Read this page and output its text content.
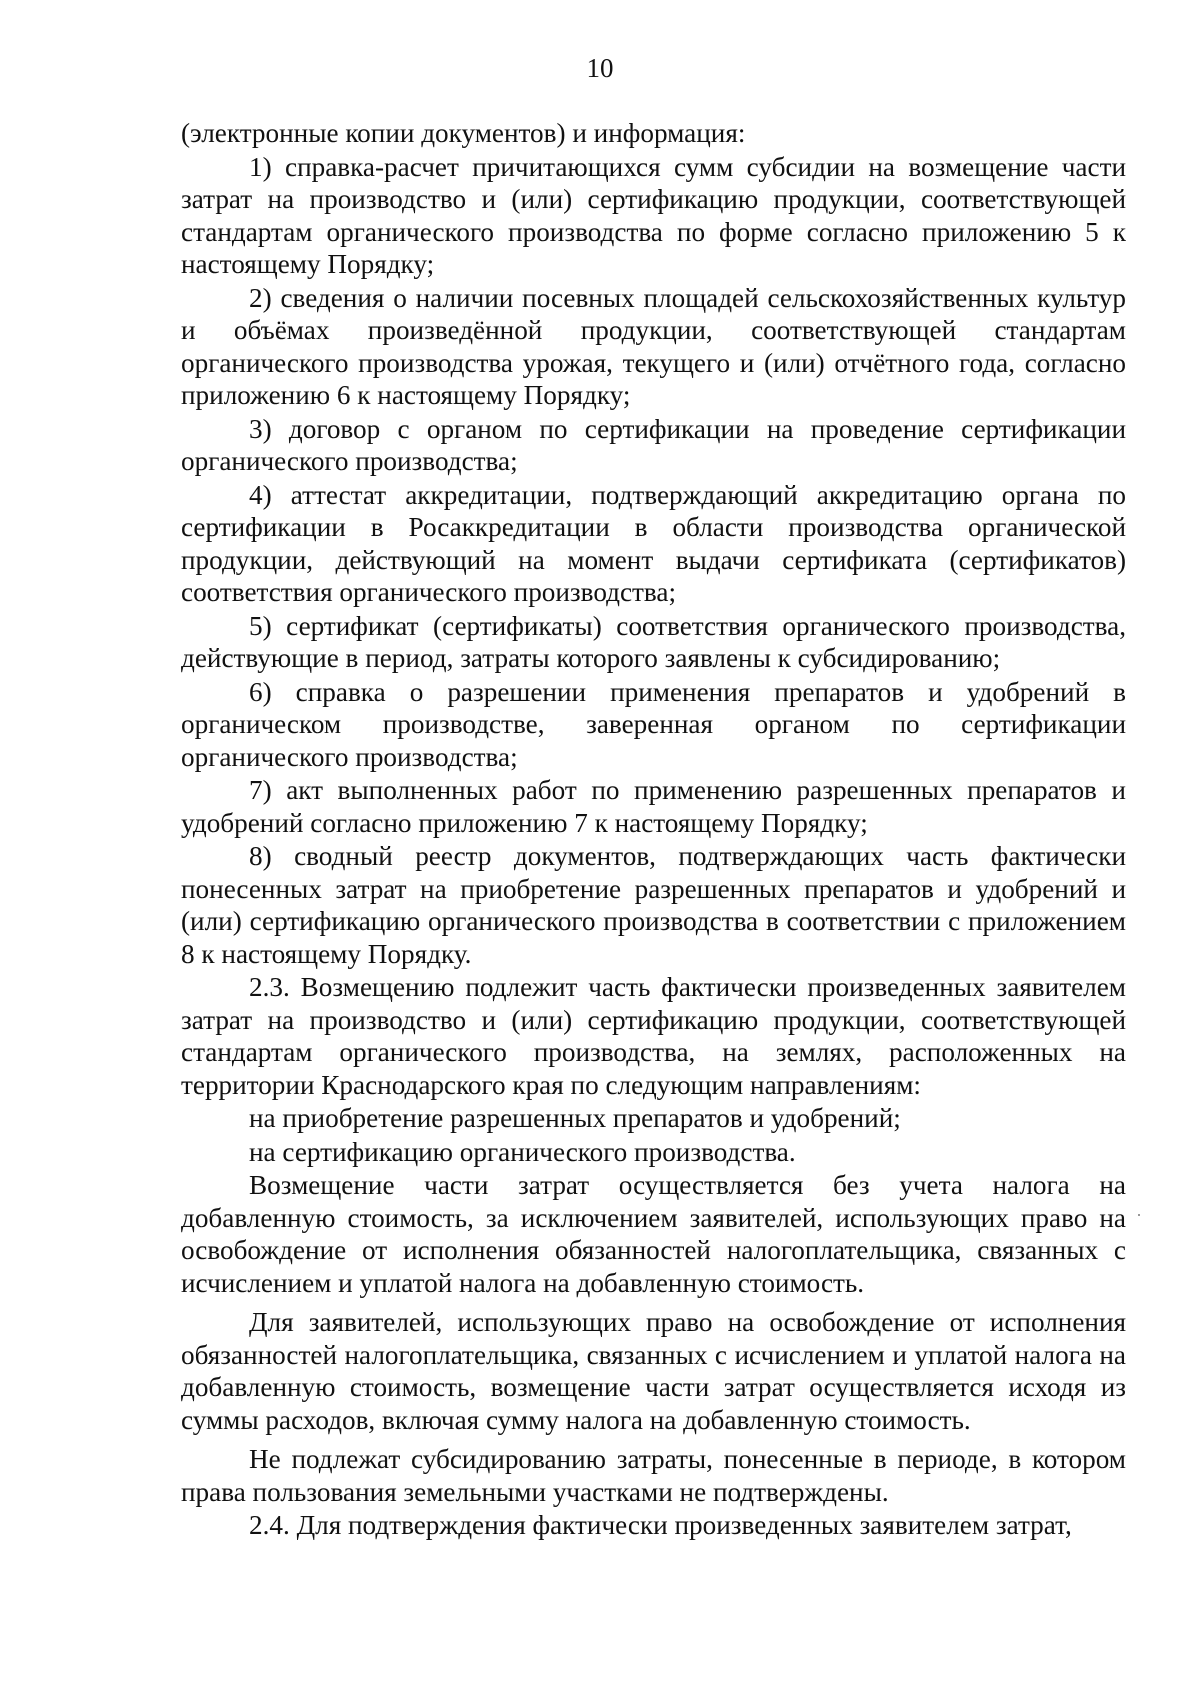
10

(электронные копии документов) и информация:

1) справка-расчет причитающихся сумм субсидии на возмещение части затрат на производство и (или) сертификацию продукции, соответствующей стандартам органического производства по форме согласно приложению 5 к настоящему Порядку;

2) сведения о наличии посевных площадей сельскохозяйственных культур и объёмах произведённой продукции, соответствующей стандартам органического производства урожая, текущего и (или) отчётного года, согласно приложению 6 к настоящему Порядку;

3) договор с органом по сертификации на проведение сертификации органического производства;

4) аттестат аккредитации, подтверждающий аккредитацию органа по сертификации в Росаккредитации в области производства органической продукции, действующий на момент выдачи сертификата (сертификатов) соответствия органического производства;

5) сертификат (сертификаты) соответствия органического производства, действующие в период, затраты которого заявлены к субсидированию;

6) справка о разрешении применения препаратов и удобрений в органическом производстве, заверенная органом по сертификации органического производства;

7) акт выполненных работ по применению разрешенных препаратов и удобрений согласно приложению 7 к настоящему Порядку;

8) сводный реестр документов, подтверждающих часть фактически понесенных затрат на приобретение разрешенных препаратов и удобрений и (или) сертификацию органического производства в соответствии с приложением 8 к настоящему Порядку.

2.3. Возмещению подлежит часть фактически произведенных заявителем затрат на производство и (или) сертификацию продукции, соответствующей стандартам органического производства, на землях, расположенных на территории Краснодарского края по следующим направлениям:

на приобретение разрешенных препаратов и удобрений;

на сертификацию органического производства.

Возмещение части затрат осуществляется без учета налога на добавленную стоимость, за исключением заявителей, использующих право на освобождение от исполнения обязанностей налогоплательщика, связанных с исчислением и уплатой налога на добавленную стоимость.

Для заявителей, использующих право на освобождение от исполнения обязанностей налогоплательщика, связанных с исчислением и уплатой налога на добавленную стоимость, возмещение части затрат осуществляется исходя из суммы расходов, включая сумму налога на добавленную стоимость.

Не подлежат субсидированию затраты, понесенные в периоде, в котором права пользования земельными участками не подтверждены.

2.4. Для подтверждения фактически произведенных заявителем затрат,
